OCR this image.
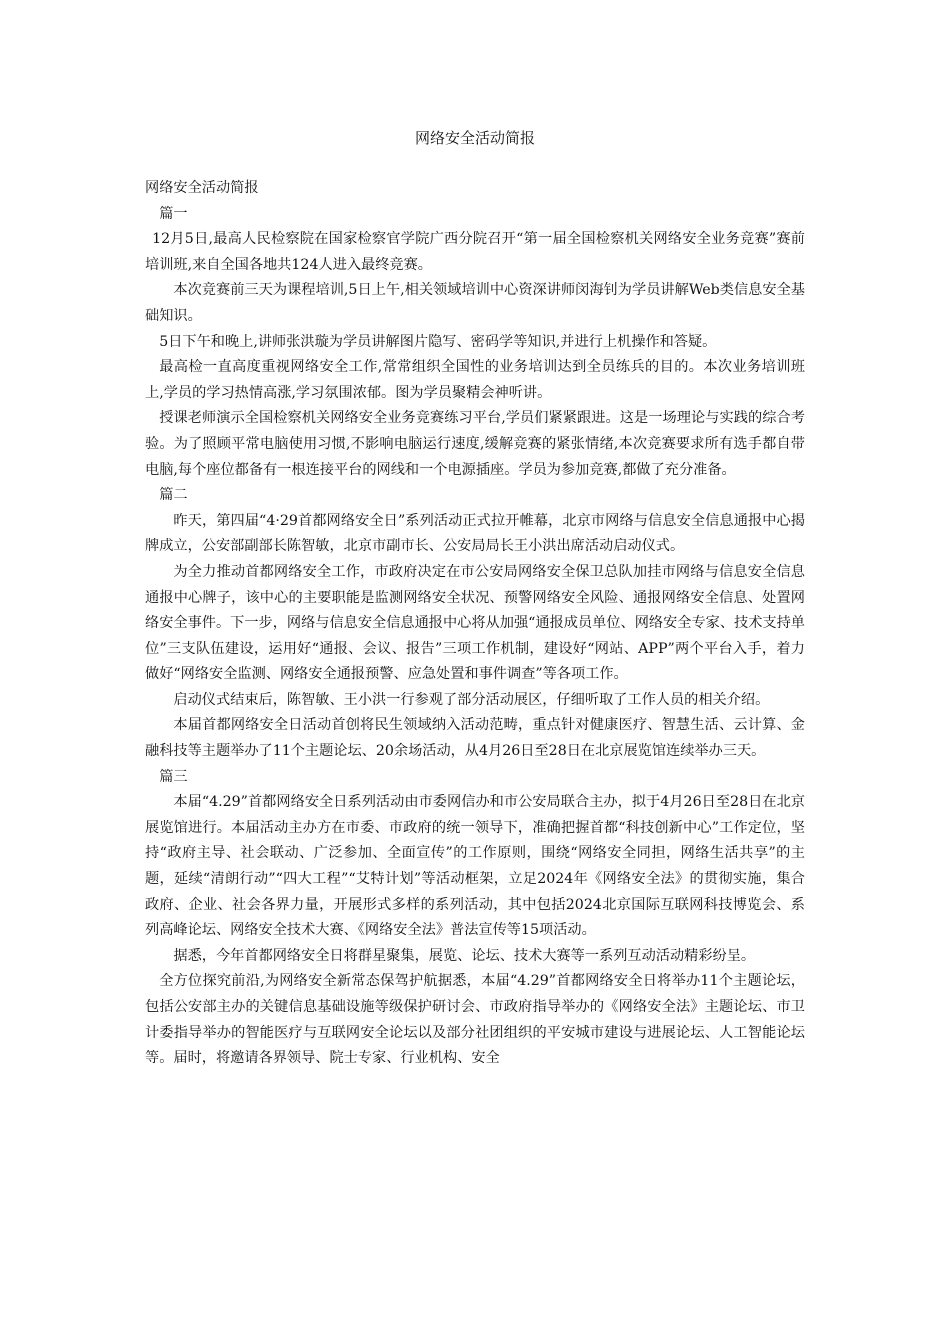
网络安全活动简报

网络安全活动简报

篇一

12月5日,最高人民检察院在国家检察官学院广西分院召开“第一届全国检察机关网络安全业务竞赛”赛前培训班,来自全国各地共124人进入最终竞赛。

本次竞赛前三天为课程培训,5日上午,相关领域培训中心资深讲师闵海钊为学员讲解Web类信息安全基础知识。

5日下午和晚上,讲师张洪璇为学员讲解图片隐写、密码学等知识,并进行上机操作和答疑。

最高检一直高度重视网络安全工作,常常组织全国性的业务培训达到全员练兵的目的。本次业务培训班上,学员的学习热情高涨,学习氛围浓郁。图为学员聚精会神听讲。

授课老师演示全国检察机关网络安全业务竞赛练习平台,学员们紧紧跟进。这是一场理论与实践的综合考验。为了照顾平常电脑使用习惯,不影响电脑运行速度,缓解竞赛的紧张情绪,本次竞赛要求所有选手都自带电脑,每个座位都备有一根连接平台的网线和一个电源插座。学员为参加竞赛,都做了充分准备。

篇二

昨天，第四届“4·29首都网络安全日”系列活动正式拉开帷幕，北京市网络与信息安全信息通报中心揭牌成立，公安部副部长陈智敏，北京市副市长、公安局局长王小洪出席活动启动仪式。

为全力推动首都网络安全工作，市政府决定在市公安局网络安全保卫总队加挂市网络与信息安全信息通报中心牌子，该中心的主要职能是监测网络安全状况、预警网络安全风险、通报网络安全信息、处置网络安全事件。下一步，网络与信息安全信息通报中心将从加强“通报成员单位、网络安全专家、技术支持单位”三支队伍建设，运用好“通报、会议、报告”三项工作机制，建设好“网站、APP”两个平台入手，着力做好“网络安全监测、网络安全通报预警、应急处置和事件调查”等各项工作。

启动仪式结束后，陈智敏、王小洪一行参观了部分活动展区，仔细听取了工作人员的相关介绍。

本届首都网络安全日活动首创将民生领域纳入活动范畴，重点针对健康医疗、智慧生活、云计算、金融科技等主题举办了11个主题论坛、20余场活动，从4月26日至28日在北京展览馆连续举办三天。

篇三

本届“4.29”首都网络安全日系列活动由市委网信办和市公安局联合主办，拟于4月26日至28日在北京展览馆进行。本届活动主办方在市委、市政府的统一领导下，准确把握首都“科技创新中心”工作定位，坚持“政府主导、社会联动、广泛参加、全面宣传”的工作原则，围绕“网络安全同担，网络生活共享”的主题，延续“清朗行动”“四大工程”“艾特计划”等活动框架，立足2024年《网络安全法》的贯彻实施，集合政府、企业、社会各界力量，开展形式多样的系列活动，其中包括2024北京国际互联网科技博览会、系列高峰论坛、网络安全技术大赛、《网络安全法》普法宣传等15项活动。

据悉，今年首都网络安全日将群星聚集，展览、论坛、技术大赛等一系列互动活动精彩纷呈。

全方位探究前沿,为网络安全新常态保驾护航据悉，本届“4.29”首都网络安全日将举办11个主题论坛，包括公安部主办的关键信息基础设施等级保护研讨会、市政府指导举办的《网络安全法》主题论坛、市卫计委指导举办的智能医疗与互联网安全论坛以及部分社团组织的平安城市建设与进展论坛、人工智能论坛等。届时，将邀请各界领导、院士专家、行业机构、安全
